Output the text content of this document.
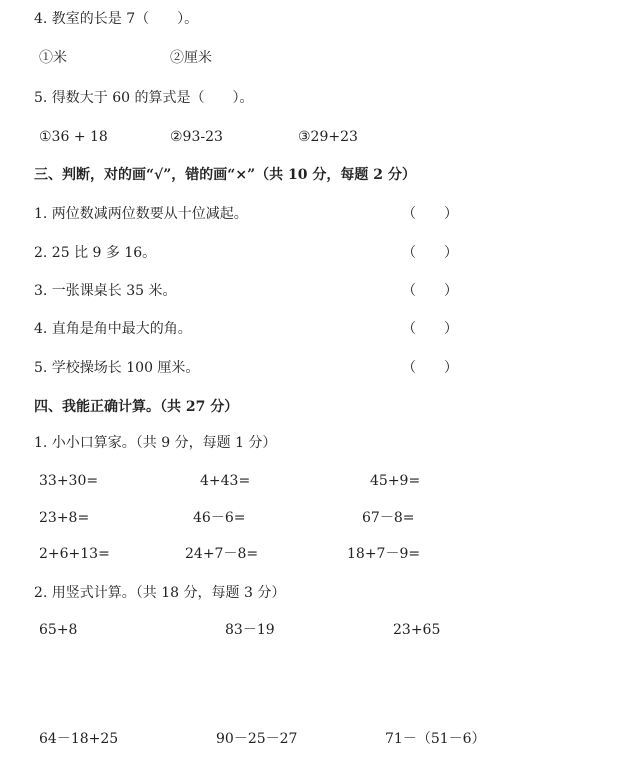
4. 教室的长是 7（　　）。
①米	②厘米
5. 得数大于 60 的算式是（　　）。
①36 + 18	②93-23	③29+23
三、判断，对的画“√”，错的画“×”（共 10 分，每题 2 分）
1. 两位数减两位数要从十位减起。	（　　）
2. 25 比 9 多 16。	（　　）
3. 一张课桌长 35 米。	（　　）
4. 直角是角中最大的角。	（　　）
5. 学校操场长 100 厘米。	（　　）
四、我能正确计算。（共 27 分）
1. 小小口算家。（共 9 分，每题 1 分）
33+30=	4+43=	45+9=
23+8=	46－6=	67－8=
2+6+13=	24+7－8=	18+7－9=
2. 用竖式计算。（共 18 分，每题 3 分）
65+8	83－19	23+65
64－18+25	90－25－27	71－（51－6）
